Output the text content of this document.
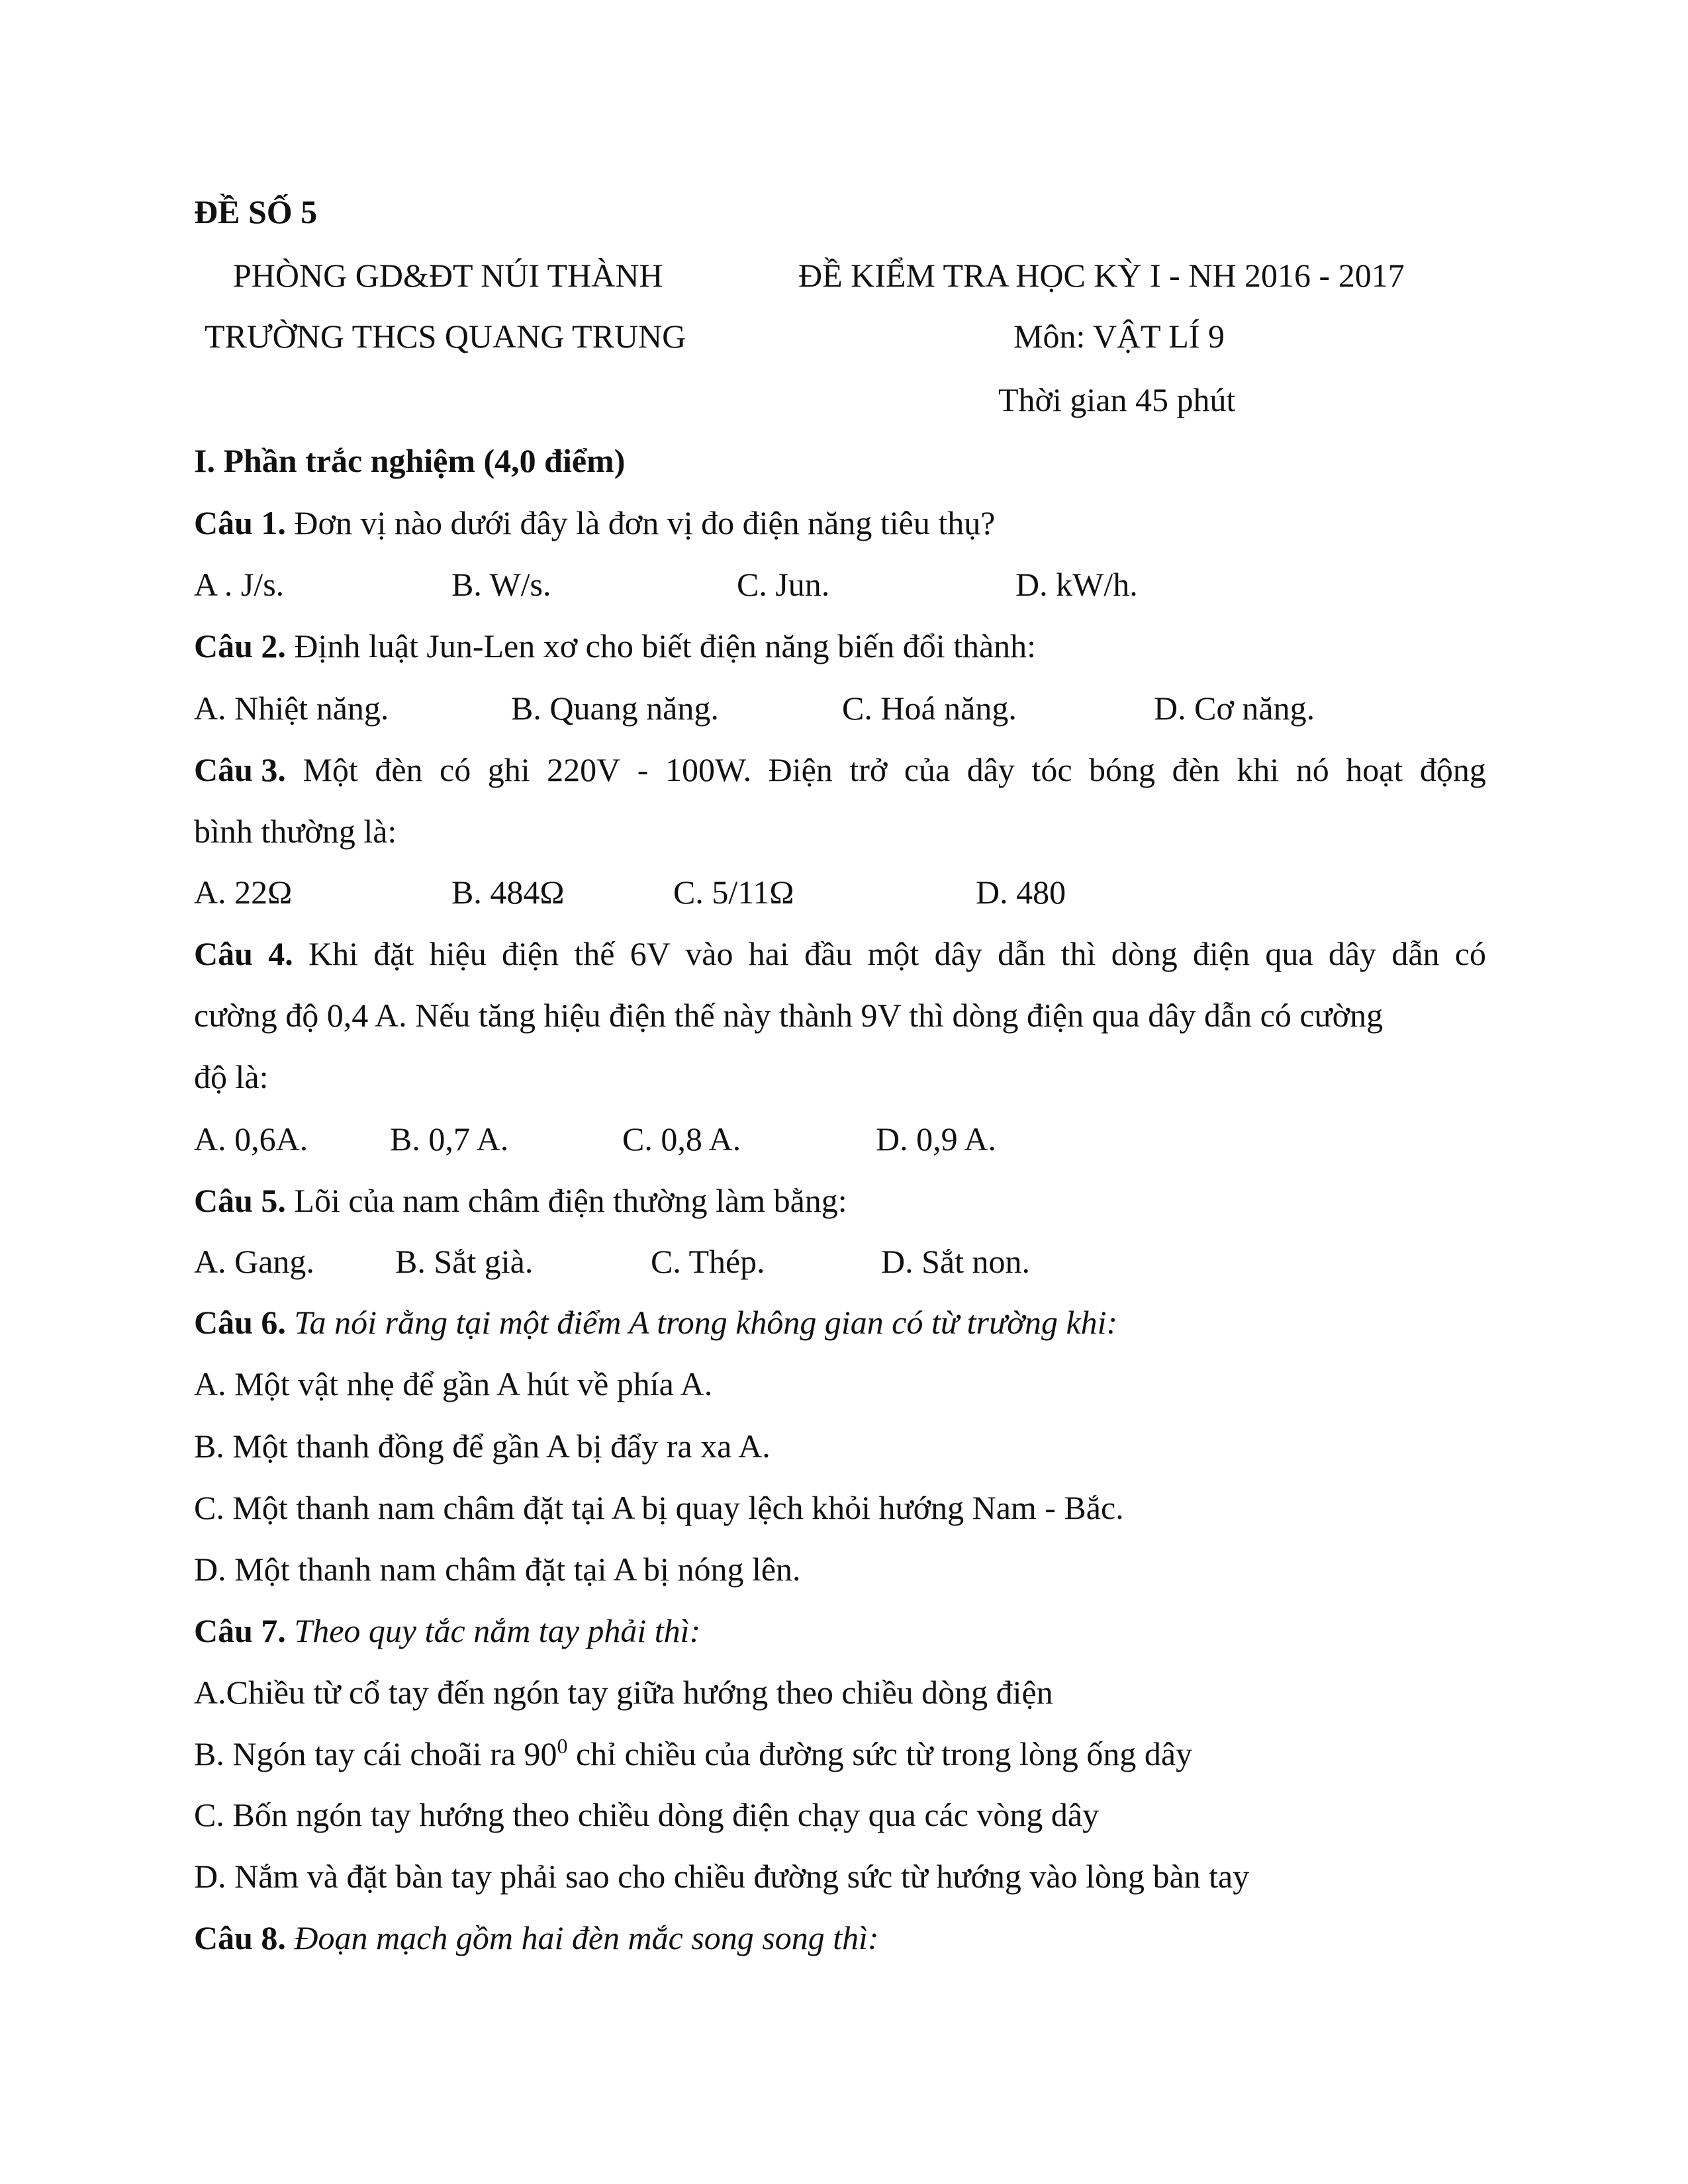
ĐỀ SỐ 5
PHÒNG GD&ĐT NÚI THÀNH	ĐỀ KIỂM TRA HỌC KỲ I - NH 2016 - 2017
TRƯỜNG THCS QUANG TRUNG	Môn: VẬT LÍ 9
Thời gian 45 phút
I. Phần trắc nghiệm (4,0 điểm)
Câu 1. Đơn vị nào dưới đây là đơn vị đo điện năng tiêu thụ?
A . J/s.	B. W/s.	C. Jun.	D. kW/h.
Câu 2. Định luật Jun-Len xơ cho biết điện năng biến đổi thành:
A. Nhiệt năng.	B. Quang năng.	C. Hoá năng.	D. Cơ năng.
Câu 3. Một đèn có ghi 220V - 100W. Điện trở của dây tóc bóng đèn khi nó hoạt động
bình thường là:
A. 22Ω	B. 484Ω	C. 5/11Ω	D. 480
Câu 4. Khi đặt hiệu điện thế 6V vào hai đầu một dây dẫn thì dòng điện qua dây dẫn có
cường độ 0,4 A. Nếu tăng hiệu điện thế này thành 9V thì dòng điện qua dây dẫn có cường
độ là:
A. 0,6A. B. 0,7 A.	C. 0,8 A.	D. 0,9 A.
Câu 5. Lõi của nam châm điện thường làm bằng:
A. Gang. B. Sắt già.	C. Thép.	D. Sắt non.
Câu 6. Ta nói rằng tại một điểm A trong không gian có từ trường khi:
A. Một vật nhẹ để gần A hút về phía A.
B. Một thanh đồng để gần A bị đẩy ra xa A.
C. Một thanh nam châm đặt tại A bị quay lệch khỏi hướng Nam - Bắc.
D. Một thanh nam châm đặt tại A bị nóng lên.
Câu 7. Theo quy tắc nắm tay phải thì:
A.Chiều từ cổ tay đến ngón tay giữa hướng theo chiều dòng điện
B. Ngón tay cái choãi ra $90^0$ chỉ chiều của đường sức từ trong lòng ống dây
C. Bốn ngón tay hướng theo chiều dòng điện chạy qua các vòng dây
D. Nắm và đặt bàn tay phải sao cho chiều đường sức từ hướng vào lòng bàn tay
Câu 8. Đoạn mạch gồm hai đèn mắc song song thì:
